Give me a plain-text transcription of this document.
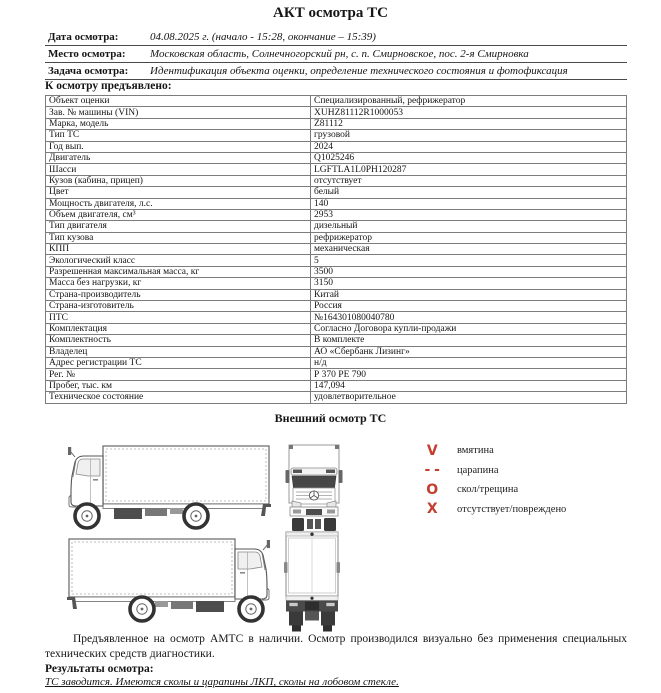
АКТ осмотра ТС
Дата осмотра:	04.08.2025 г. (начало - 15:28, окончание – 15:39)
Место осмотра:	Московская область, Солнечногорский рн, с. п. Смирновское, пос. 2-я Смирновка
Задача осмотра:	Идентификация объекта оценки, определение технического состояния и фотофиксация
К осмотру предъявлено:
Объект оценки	Специализированный, рефрижератор
Зав. № машины (VIN)	XUHZ81112R1000053
Марка, модель	Z81112
Тип ТС	грузовой
Год вып.	2024
Двигатель	Q1025246
Шасси	LGFTLA1L0PH120287
Кузов (кабина, прицеп)	отсутствует
Цвет	белый
Мощность двигателя, л.с.	140
Объем двигателя, см³	2953
Тип двигателя	дизельный
Тип кузова	рефрижератор
КПП	механическая
Экологический класс	5
Разрешенная максимальная масса, кг	3500
Масса без нагрузки, кг	3150
Страна-производитель	Китай
Страна-изготовитель	Россия
ПТС	№164301080040780
Комплектация	Согласно Договора купли-продажи
Комплектность	В комплекте
Владелец	АО «Сбербанк Лизинг»
Адрес регистрации ТС	н/д
Рег. №	Р 370 РЕ 790
Пробег, тыс. км	147,094
Техническое состояние	удовлетворительное
Внешний осмотр ТС
V	вмятина
- -	царапина
O	скол/трещина
X	отсутствует/повреждено

Предъявленное на осмотр АМТС в наличии. Осмотр производился визуально без применения специальных технических средств диагностики.

Результаты осмотра:
ТС заводится. Имеются сколы и царапины ЛКП, сколы на лобовом стекле.
